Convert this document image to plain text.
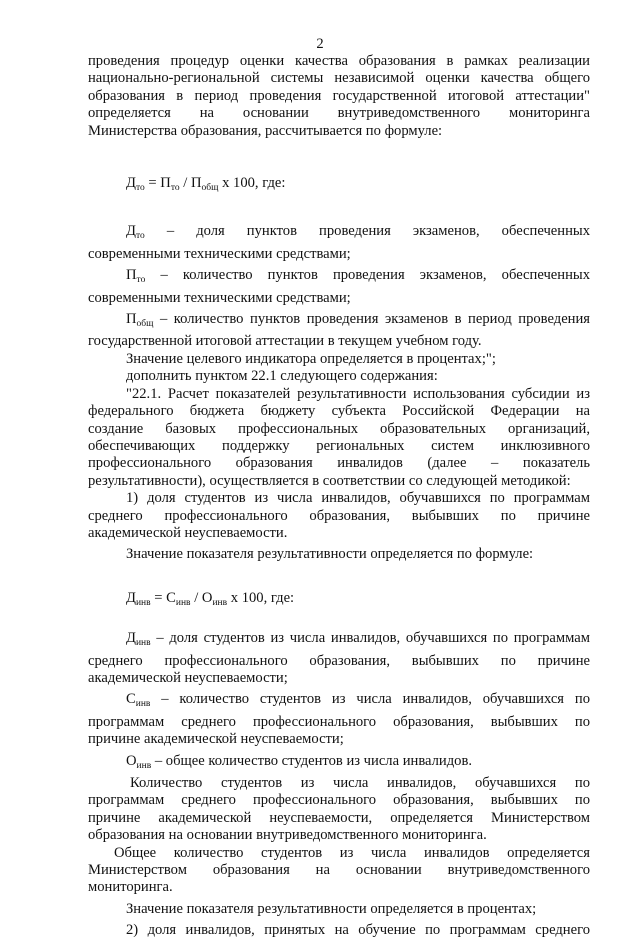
2
проведения процедур оценки качества образования в рамках реализации
национально-региональной системы независимой оценки качества общего
образования в период проведения государственной итоговой аттестации"
определяется на основании внутриведомственного мониторинга
Министерства образования, рассчитывается по формуле:
$Д_{то} = П_{то} / П_{общ}$ х 100, где:
$Д_{то}$ – доля пунктов проведения экзаменов, обеспеченных
современными техническими средствами;
$П_{то}$ – количество пунктов проведения экзаменов, обеспеченных
современными техническими средствами;
$П_{общ}$ – количество пунктов проведения экзаменов в период проведения
государственной итоговой аттестации в текущем учебном году.
Значение целевого индикатора определяется в процентах;";
дополнить пунктом 22.1 следующего содержания:
"22.1. Расчет показателей результативности использования субсидии из
федерального бюджета бюджету субъекта Российской Федерации на
создание базовых профессиональных образовательных организаций,
обеспечивающих поддержку региональных систем инклюзивного
профессионального образования инвалидов (далее – показатель
результативности), осуществляется в соответствии со следующей методикой:
1) доля студентов из числа инвалидов, обучавшихся по программам
среднего профессионального образования, выбывших по причине
академической неуспеваемости.
Значение показателя результативности определяется по формуле:
$Д_{инв} = С_{инв} / О_{инв}$ х 100, где:
$Д_{инв}$ – доля студентов из числа инвалидов, обучавшихся по программам
среднего профессионального образования, выбывших по причине
академической неуспеваемости;
$С_{инв}$ – количество студентов из числа инвалидов, обучавшихся по
программам среднего профессионального образования, выбывших по
причине академической неуспеваемости;
$О_{инв}$ – общее количество студентов из числа инвалидов.
Количество студентов из числа инвалидов, обучавшихся по
программам среднего профессионального образования, выбывших по
причине академической неуспеваемости, определяется Министерством
образования на основании внутриведомственного мониторинга.
Общее количество студентов из числа инвалидов определяется
Министерством образования на основании внутриведомственного
мониторинга.
Значение показателя результативности определяется в процентах;
2) доля инвалидов, принятых на обучение по программам среднего
